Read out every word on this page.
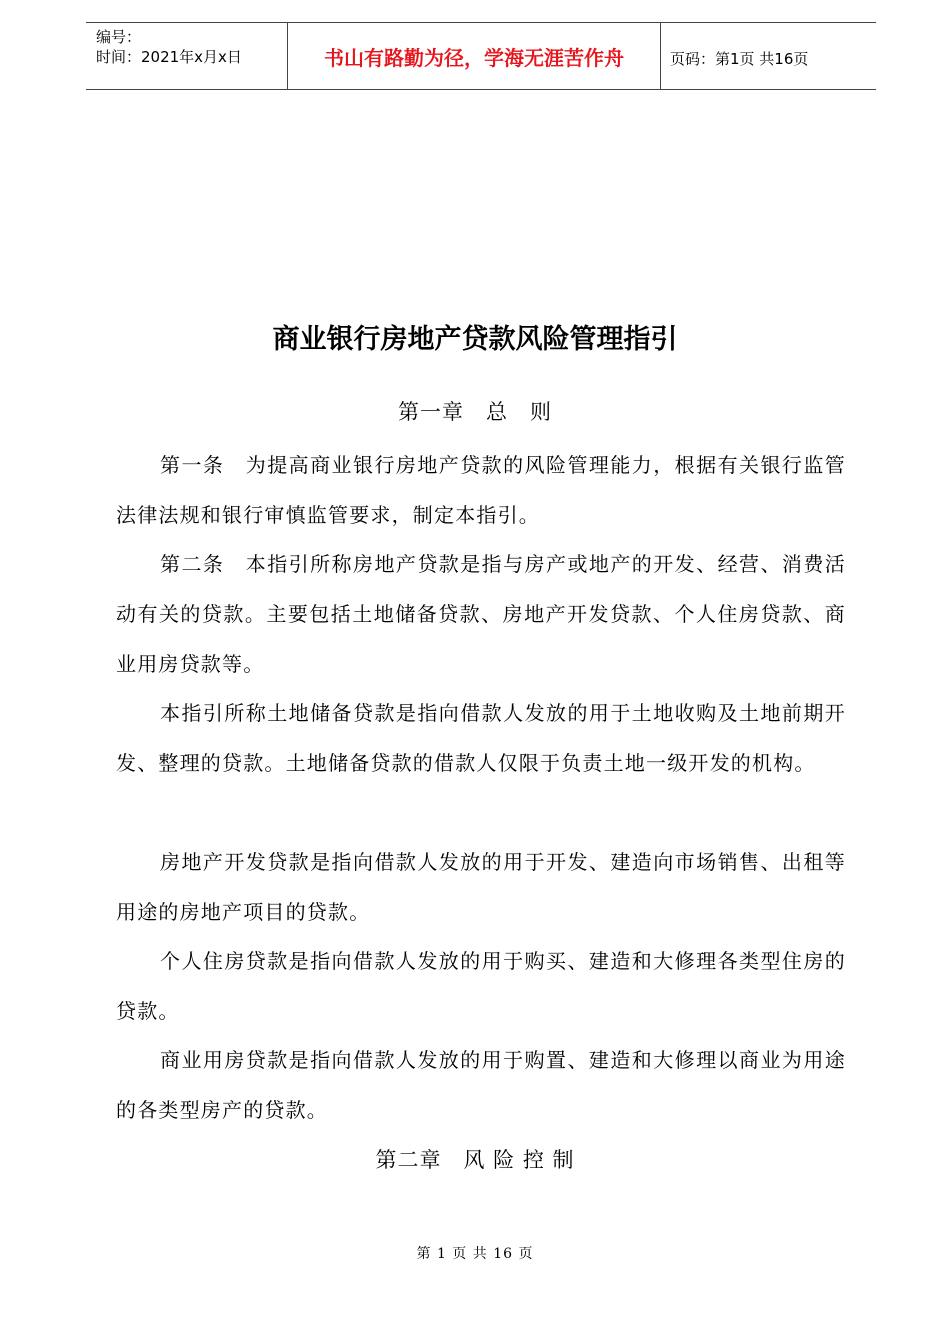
编号：
时间：2021年x月x日	书山有路勤为径，学海无涯苦作舟	页码：第1页 共16页
商业银行房地产贷款风险管理指引
第一章　总　则
第一条　为提高商业银行房地产贷款的风险管理能力，根据有关银行监管法律法规和银行审慎监管要求，制定本指引。
第二条　本指引所称房地产贷款是指与房产或地产的开发、经营、消费活动有关的贷款。主要包括土地储备贷款、房地产开发贷款、个人住房贷款、商业用房贷款等。
本指引所称土地储备贷款是指向借款人发放的用于土地收购及土地前期开发、整理的贷款。土地储备贷款的借款人仅限于负责土地一级开发的机构。
房地产开发贷款是指向借款人发放的用于开发、建造向市场销售、出租等用途的房地产项目的贷款。
个人住房贷款是指向借款人发放的用于购买、建造和大修理各类型住房的贷款。
商业用房贷款是指向借款人发放的用于购置、建造和大修理以商业为用途的各类型房产的贷款。
第二章　风 险 控 制
第 1 页 共 16 页
